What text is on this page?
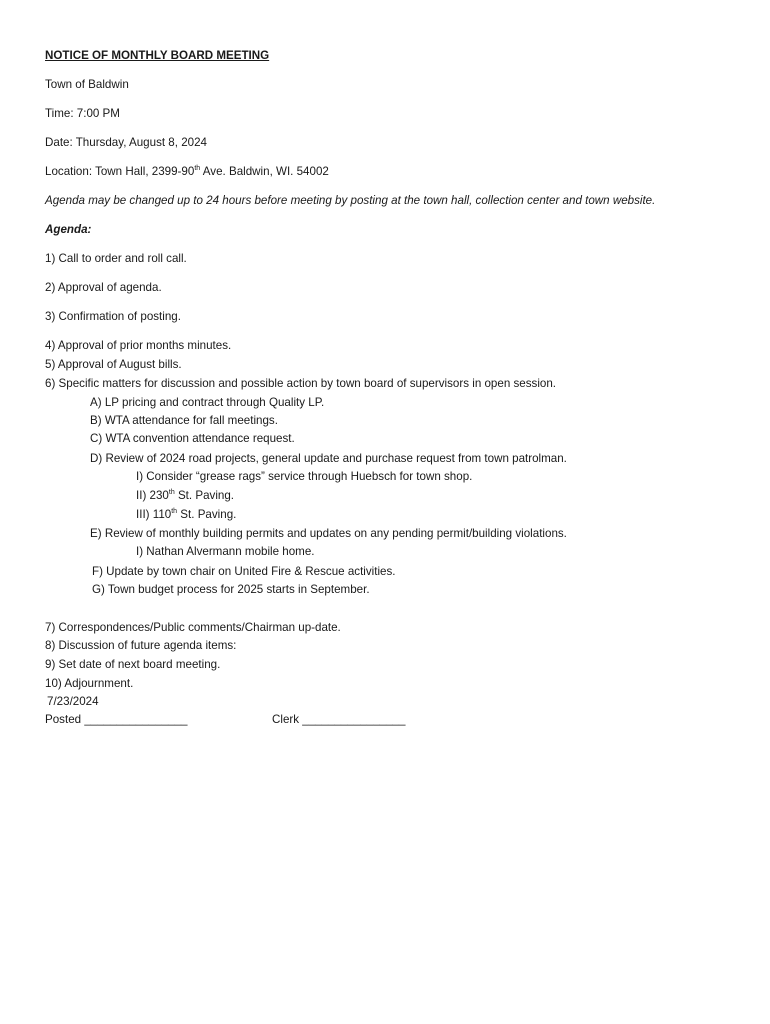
NOTICE OF MONTHLY BOARD MEETING
Town of Baldwin
Time: 7:00 PM
Date: Thursday, August 8, 2024
Location: Town Hall, 2399-90th Ave. Baldwin, WI. 54002
Agenda may be changed up to 24 hours before meeting by posting at the town hall, collection center and town website.
Agenda:
1) Call to order and roll call.
2) Approval of agenda.
3) Confirmation of posting.
4) Approval of prior months minutes.
5) Approval of August bills.
6) Specific matters for discussion and possible action by town board of supervisors in open session.
A) LP pricing and contract through Quality LP.
B) WTA attendance for fall meetings.
C) WTA convention attendance request.
D) Review of 2024 road projects, general update and purchase request from town patrolman.
I) Consider “grease rags” service through Huebsch for town shop.
II) 230th St. Paving.
III) 110th St. Paving.
E) Review of monthly building permits and updates on any pending permit/building violations.
I) Nathan Alvermann mobile home.
F) Update by town chair on United Fire & Rescue activities.
G) Town budget process for 2025 starts in September.
7) Correspondences/Public comments/Chairman up-date.
8) Discussion of future agenda items:
9) Set date of next board meeting.
10) Adjournment.
7/23/2024
Posted ________________	Clerk ________________
